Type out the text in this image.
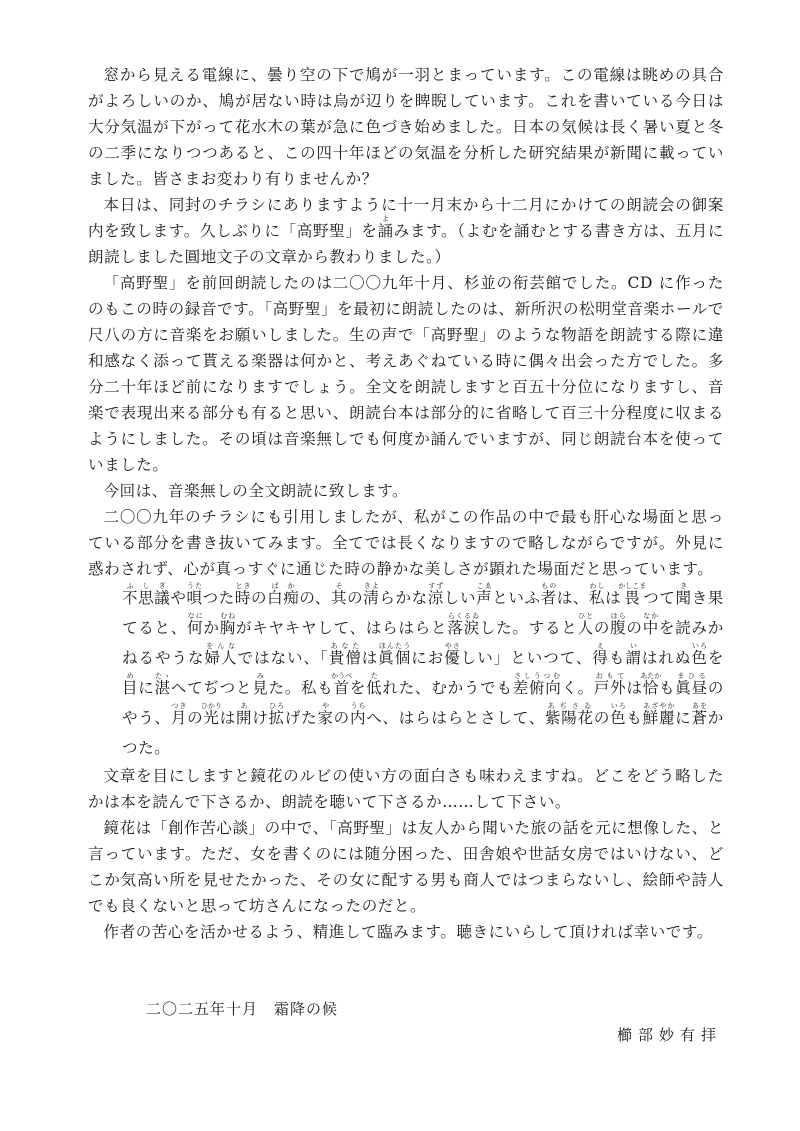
窓から見える電線に、曇り空の下で鳩が一羽とまっています。この電線は眺めの具合がよろしいのか、鳩が居ない時は烏が辺りを睥睨しています。これを書いている今日は大分気温が下がって花水木の葉が急に色づき始めました。日本の気候は長く暑い夏と冬の二季になりつつあると、この四十年ほどの気温を分析した研究結果が新聞に載っていました。皆さまお変わり有りませんか？

本日は、同封のチラシにありますように十一月末から十二月にかけての朗読会の御案内を致します。久しぶりに「高野聖」を誦よみます。（よむを誦むとする書き方は、五月に朗読しました圓地文子の文章から教わりました。）

「高野聖」を前回朗読したのは二〇〇九年十月、杉並の衔芸館でした。CD に作ったのもこの時の録音です。「高野聖」を最初に朗読したのは、新所沢の松明堂音楽ホールで尺八の方に音楽をお願いしました。生の声で「高野聖」のような物語を朗読する際に違和感なく添って貰える楽器は何かと、考えあぐねている時に偶々出会った方でした。多分二十年ほど前になりますでしょう。全文を朗読しますと百五十分位になりますし、音楽で表現出来る部分も有ると思い、朗読台本は部分的に省略して百三十分程度に収まるようにしました。その頃は音楽無しでも何度か誦んでいますが、同じ朗読台本を使っていました。

今回は、音楽無しの全文朗読に致します。

二〇〇九年のチラシにも引用しましたが、私がこの作品の中で最も肝心な場面と思っている部分を書き抜いてみます。全てでは長くなりますので略しながらですが。外見に惑わされず、心が真っすぐに通じた時の静かな美しさが顕れた場面だと思っています。

不思議ふしぎや唄うたつた時ときの白痴ばかの、其その淸きよらかな涼すずしい声こゑといふ者ものは、私わしは畏かしこまつて聞きき果てると、何なにか胸むねがキヤキヤして、はらはらと落涙らくるゐした。すると人ひとの腹はらの中なかを読みかねるやうな婦人をんなではない、「貴僧あなたは眞個ほんたうにお優やさしい」といつて、得えも謂いはれぬ色いろを目めに湛たゝへてぢつと見みた。私も首かうべを低たれた、むかうでも差俯向さしうつむく。戸外おもては恰あたかも眞昼まひるのやう、月つきの光ひかりは開あけ拡ひろげた家やの内うちへ、はらはらとさして、紫陽花あぢさゐの色いろも鮮麗あざやかに蒼あをかつた。

文章を目にしますと鏡花のルビの使い方の面白さも味わえますね。どこをどう略したかは本を読んで下さるか、朗読を聴いて下さるか……して下さい。

鏡花は「創作苦心談」の中で、「高野聖」は友人から聞いた旅の話を元に想像した、と言っています。ただ、女を書くのには随分困った、田舎娘や世話女房ではいけない、どこか気高い所を見せたかった、その女に配する男も商人ではつまらないし、絵師や詩人でも良くないと思って坊さんになったのだと。

作者の苦心を活かせるよう、精進して臨みます。聴きにいらして頂ければ幸いです。

二〇二五年十月　霜降の候
櫛部妙有拝
